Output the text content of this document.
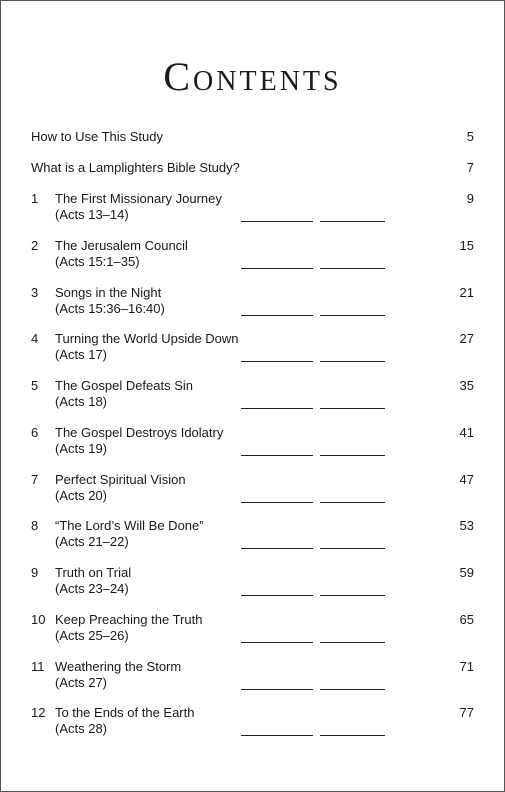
Contents
How to Use This Study	5
What is a Lamplighters Bible Study?	7
1 The First Missionary Journey
(Acts 13–14)
9
2 The Jerusalem Council
(Acts 15:1–35)
15
3 Songs in the Night
(Acts 15:36–16:40)
21
4 Turning the World Upside Down
(Acts 17)
27
5 The Gospel Defeats Sin
(Acts 18)
35
6 The Gospel Destroys Idolatry
(Acts 19)
41
7 Perfect Spiritual Vision
(Acts 20)
47
8 “The Lord’s Will Be Done”
(Acts 21–22)
53
9 Truth on Trial
(Acts 23–24)
59
10 Keep Preaching the Truth
(Acts 25–26)
65
11 Weathering the Storm
(Acts 27)
71
12 To the Ends of the Earth
(Acts 28)
77
